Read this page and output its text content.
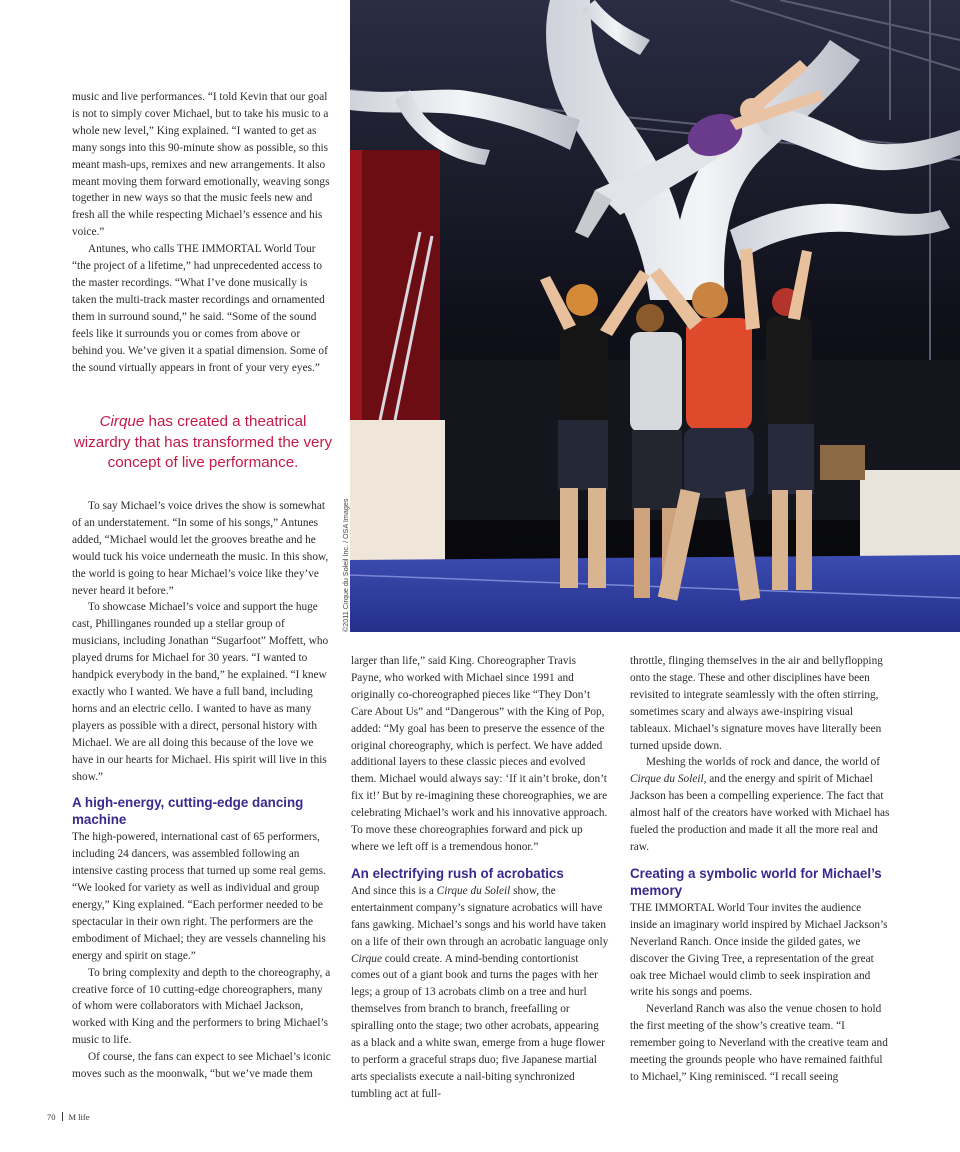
music and live performances. “I told Kevin that our goal is not to simply cover Michael, but to take his music to a whole new level,” King explained. “I wanted to get as many songs into this 90-minute show as possible, so this meant mash-ups, remixes and new arrangements. It also meant moving them forward emotionally, weaving songs together in new ways so that the music feels new and fresh all the while respecting Michael’s essence and his voice.”

Antunes, who calls THE IMMORTAL World Tour “the project of a lifetime,” had unprecedented access to the master recordings. “What I’ve done musically is taken the multi-track master recordings and ornamented them in surround sound,” he said. “Some of the sound feels like it surrounds you or comes from above or behind you. We’ve given it a spatial dimension. Some of the sound virtually appears in front of your very eyes.”

Cirque has created a theatrical wizardry that has transformed the very concept of live performance.

To say Michael’s voice drives the show is somewhat of an understatement. “In some of his songs,” Antunes added, “Michael would let the grooves breathe and he would tuck his voice underneath the music. In this show, the world is going to hear Michael’s voice like they’ve never heard it before.”

To showcase Michael’s voice and support the huge cast, Phillinganes rounded up a stellar group of musicians, including Jonathan “Sugarfoot” Moffett, who played drums for Michael for 30 years. “I wanted to handpick everybody in the band,” he explained. “I knew exactly who I wanted. We have a full band, including horns and an electric cello. I wanted to have as many players as possible with a direct, personal history with Michael. We are all doing this because of the love we have in our hearts for Michael. His spirit will live in this show.”

A high-energy, cutting-edge dancing machine

The high-powered, international cast of 65 performers, including 24 dancers, was assembled following an intensive casting process that turned up some real gems. “We looked for variety as well as individual and group energy,” King explained. “Each performer needed to be spectacular in their own right. The performers are the embodiment of Michael; they are vessels channeling his energy and spirit on stage.”

To bring complexity and depth to the choreography, a creative force of 10 cutting-edge choreographers, many of whom were collaborators with Michael Jackson, worked with King and the performers to bring Michael’s music to life.

Of course, the fans can expect to see Michael’s iconic moves such as the moonwalk, “but we’ve made them

©2011 Cirque du Soleil Inc. / OSA Images

larger than life,” said King. Choreographer Travis Payne, who worked with Michael since 1991 and originally co-choreographed pieces like “They Don’t Care About Us” and “Dangerous” with the King of Pop, added: “My goal has been to preserve the essence of the original choreography, which is perfect. We have added additional layers to these classic pieces and evolved them. Michael would always say: ‘If it ain’t broke, don’t fix it!’ But by re-imagining these choreographies, we are celebrating Michael’s work and his innovative approach. To move these choreographies forward and pick up where we left off is a tremendous honor.”

An electrifying rush of acrobatics

And since this is a Cirque du Soleil show, the entertainment company’s signature acrobatics will have fans gawking. Michael’s songs and his world have taken on a life of their own through an acrobatic language only Cirque could create. A mind-bending contortionist comes out of a giant book and turns the pages with her legs; a group of 13 acrobats climb on a tree and hurl themselves from branch to branch, freefalling or spiralling onto the stage; two other acrobats, appearing as a black and a white swan, emerge from a huge flower to perform a graceful straps duo; five Japanese martial arts specialists execute a nail-biting synchronized tumbling act at full-

throttle, flinging themselves in the air and bellyflopping onto the stage. These and other disciplines have been revisited to integrate seamlessly with the often stirring, sometimes scary and always awe-inspiring visual tableaux. Michael’s signature moves have literally been turned upside down.

Meshing the worlds of rock and dance, the world of Cirque du Soleil, and the energy and spirit of Michael Jackson has been a compelling experience. The fact that almost half of the creators have worked with Michael has fueled the production and made it all the more real and raw.

Creating a symbolic world for Michael’s memory

THE IMMORTAL World Tour invites the audience inside an imaginary world inspired by Michael Jackson’s Neverland Ranch. Once inside the gilded gates, we discover the Giving Tree, a representation of the great oak tree Michael would climb to seek inspiration and write his songs and poems.

Neverland Ranch was also the venue chosen to hold the first meeting of the show’s creative team. “I remember going to Neverland with the creative team and meeting the grounds people who have remained faithful to Michael,” King reminisced. “I recall seeing

70 M life
